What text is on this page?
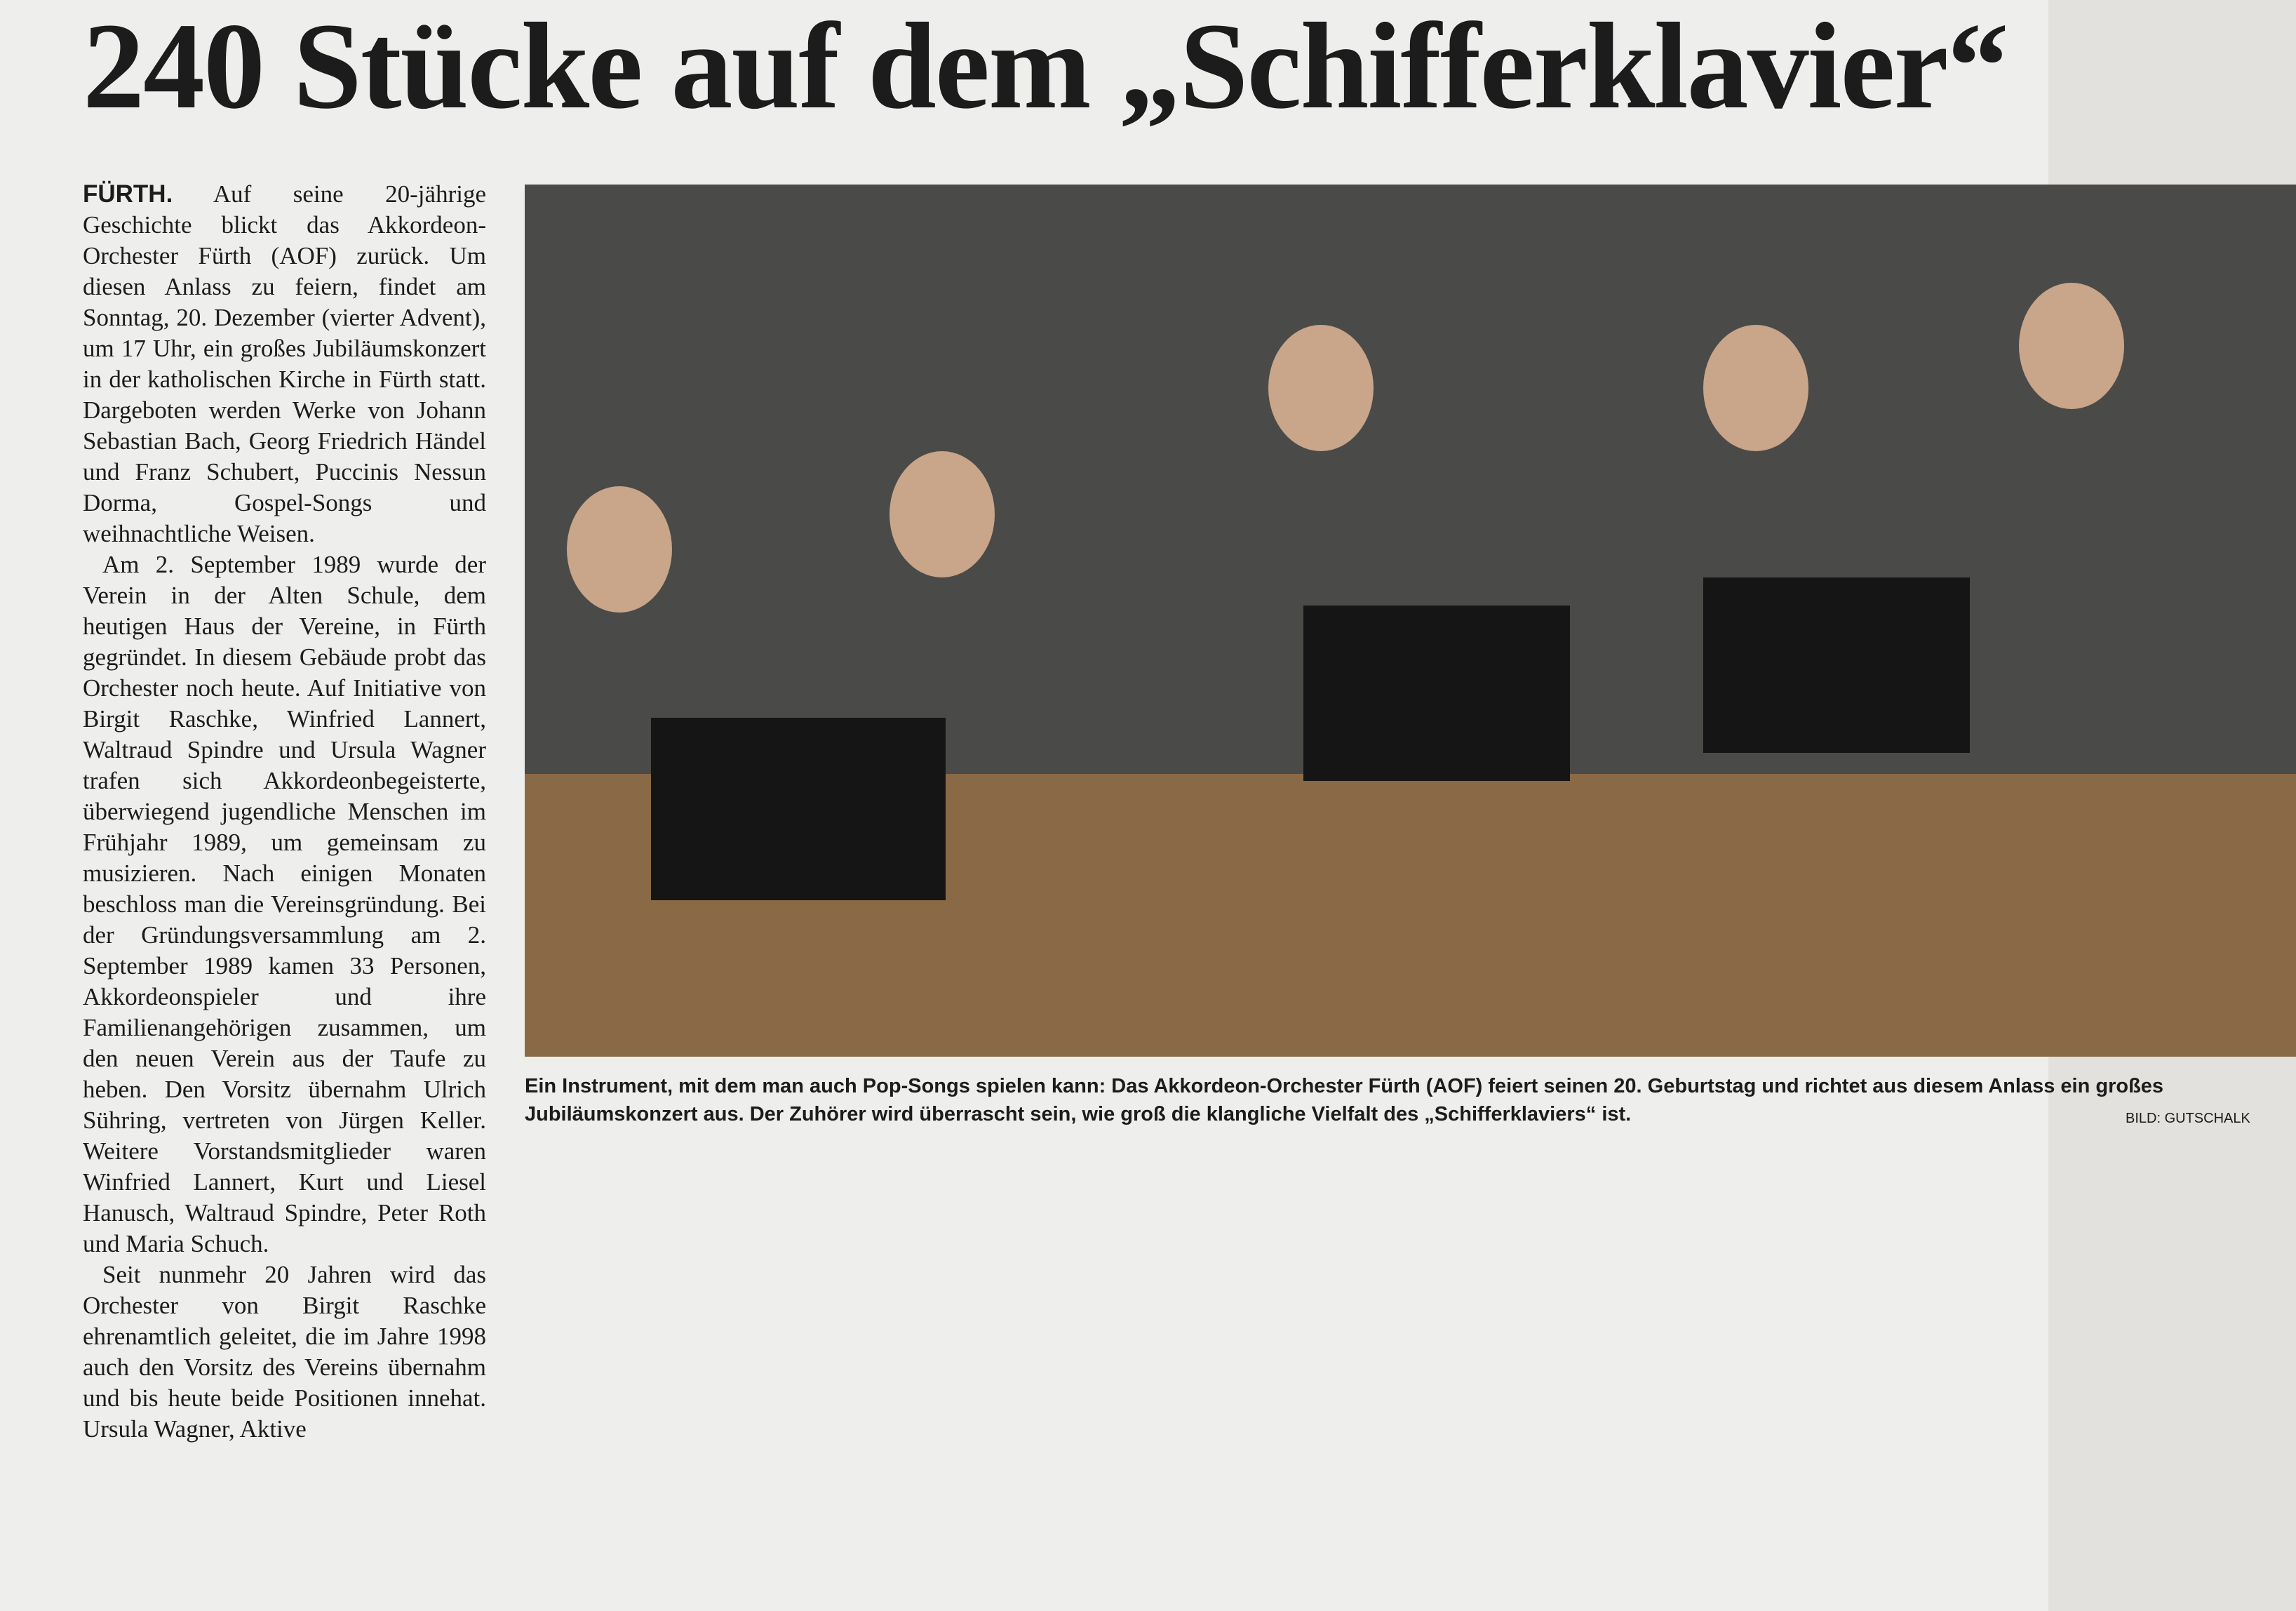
240 Stücke auf dem „Schifferklavier“
Ein Instrument, mit dem man auch Pop-Songs spielen kann: Das Akkordeon-Orchester Fürth (AOF) feiert seinen 20. Geburtstag und richtet aus diesem Anlass ein großes Jubiläumskonzert aus. Der Zuhörer wird überrascht sein, wie groß die klangliche Vielfalt des „Schifferklaviers“ ist.	BILD: GUTSCHALK

FÜRTH. Auf seine 20-jährige Geschichte blickt das Akkordeon-Orchester Fürth (AOF) zurück. Um diesen Anlass zu feiern, findet am Sonntag, 20. Dezember (vierter Advent), um 17 Uhr, ein großes Jubiläumskonzert in der katholischen Kirche in Fürth statt. Dargeboten werden Werke von Johann Sebastian Bach, Georg Friedrich Händel und Franz Schubert, Puccinis Nessun Dorma, Gospel-Songs und weihnachtliche Weisen.

Am 2. September 1989 wurde der Verein in der Alten Schule, dem heutigen Haus der Vereine, in Fürth gegründet. In diesem Gebäude probt das Orchester noch heute. Auf Initiative von Birgit Raschke, Winfried Lannert, Waltraud Spindre und Ursula Wagner trafen sich Akkordeonbegeisterte, überwiegend jugendliche Menschen im Frühjahr 1989, um gemeinsam zu musizieren. Nach einigen Monaten beschloss man die Vereinsgründung. Bei der Gründungsversammlung am 2. September 1989 kamen 33 Personen, Akkordeonspieler und ihre Familienangehörigen zusammen, um den neuen Verein aus der Taufe zu heben. Den Vorsitz übernahm Ulrich Sühring, vertreten von Jürgen Keller. Weitere Vorstandsmitglieder waren Winfried Lannert, Kurt und Liesel Hanusch, Waltraud Spindre, Peter Roth und Maria Schuch.

Seit nunmehr 20 Jahren wird das Orchester von Birgit Raschke ehrenamtlich geleitet, die im Jahre 1998 auch den Vorsitz des Vereins übernahm und bis heute beide Positionen innehat. Ursula Wagner, Aktive
